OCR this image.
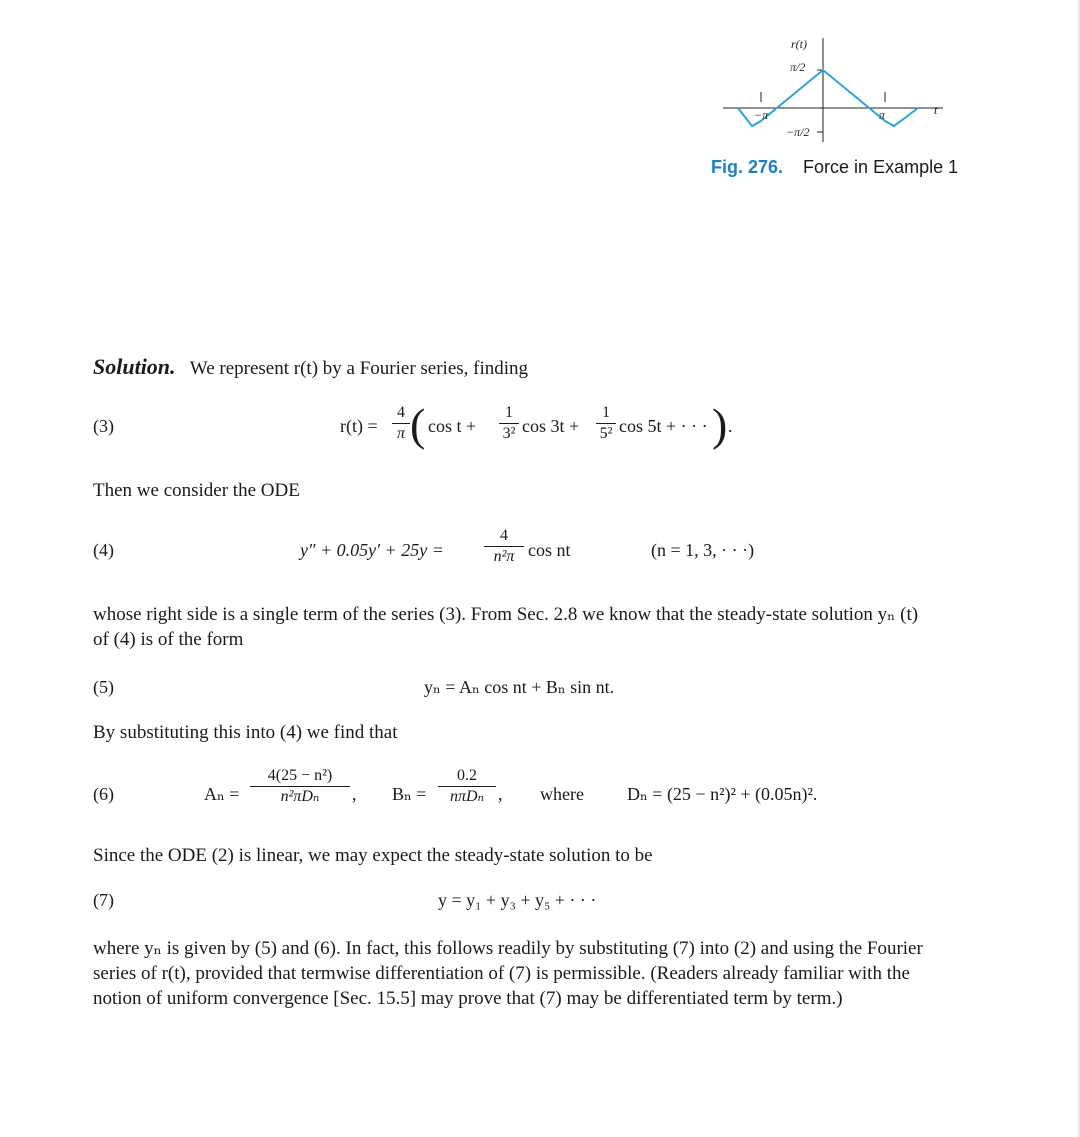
r(t)
π/2
−π/2
−π	π	t
Fig. 276. Force in Example 1
Solution. We represent r(t) by a Fourier series, finding
(3)	r(t) =
4
π ( cos t +
1
3² cos 3t +
1
5² cos 5t + · · · ) .
Then we consider the ODE
(4)	y″ + 0.05y′ + 25y =
4
n²π cos nt	(n = 1, 3, · · ·)
whose right side is a single term of the series (3). From Sec. 2.8 we know that the steady-state solution yₙ (t)
of (4) is of the form
(5)	yₙ = Aₙ cos nt + Bₙ sin nt.
By substituting this into (4) we find that
(6)	Aₙ =
4(25 − n²)
n²πDₙ	, Bₙ =
0.2
nπDₙ , where Dₙ = (25 − n²)² + (0.05n)².
Since the ODE (2) is linear, we may expect the steady-state solution to be
(7)	y = y₁ + y₃ + y₅ + · · ·
where yₙ is given by (5) and (6). In fact, this follows readily by substituting (7) into (2) and using the Fourier
series of r(t), provided that termwise differentiation of (7) is permissible. (Readers already familiar with the
notion of uniform convergence [Sec. 15.5] may prove that (7) may be differentiated term by term.)
